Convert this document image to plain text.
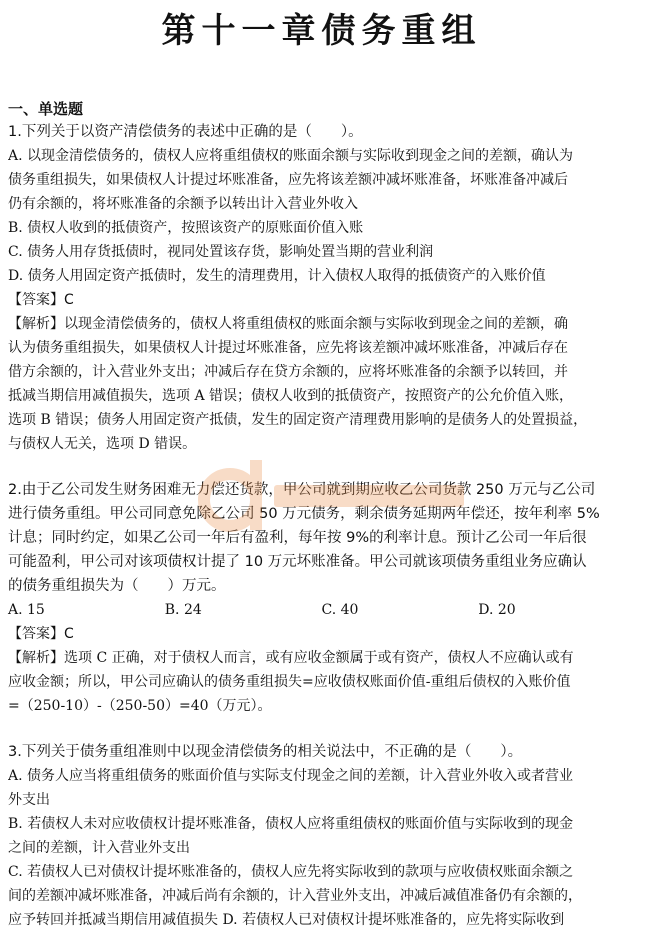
第十一章债务重组
一、单选题
1.下列关于以资产清偿债务的表述中正确的是（　　）。
A. 以现金清偿债务的，债权人应将重组债权的账面余额与实际收到现金之间的差额，确认为
债务重组损失，如果债权人计提过坏账准备，应先将该差额冲减坏账准备，坏账准备冲减后
仍有余额的，将坏账准备的余额予以转出计入营业外收入
B. 债权人收到的抵债资产，按照该资产的原账面价值入账
C. 债务人用存货抵债时，视同处置该存货，影响处置当期的营业利润
D. 债务人用固定资产抵债时，发生的清理费用，计入债权人取得的抵债资产的入账价值
【答案】C
【解析】以现金清偿债务的，债权人将重组债权的账面余额与实际收到现金之间的差额，确
认为债务重组损失，如果债权人计提过坏账准备，应先将该差额冲减坏账准备，冲减后存在
借方余额的，计入营业外支出；冲减后存在贷方余额的，应将坏账准备的余额予以转回，并
抵减当期信用减值损失，选项 A 错误；债权人收到的抵债资产，按照资产的公允价值入账，
选项 B 错误；债务人用固定资产抵债，发生的固定资产清理费用影响的是债务人的处置损益，
与债权人无关，选项 D 错误。
2.由于乙公司发生财务困难无力偿还货款，甲公司就到期应收乙公司货款 250 万元与乙公司
进行债务重组。甲公司同意免除乙公司 50 万元债务，剩余债务延期两年偿还，按年利率 5%
计息；同时约定，如果乙公司一年后有盈利，每年按 9%的利率计息。预计乙公司一年后很
可能盈利，甲公司对该项债权计提了 10 万元坏账准备。甲公司就该项债务重组业务应确认
的债务重组损失为（　　）万元。
A. 15	B. 24	C. 40	D. 20
【答案】C
【解析】选项 C 正确，对于债权人而言，或有应收金额属于或有资产，债权人不应确认或有
应收金额；所以，甲公司应确认的债务重组损失=应收债权账面价值-重组后债权的入账价值
=（250-10）-（250-50）=40（万元）。
3.下列关于债务重组准则中以现金清偿债务的相关说法中，不正确的是（　　）。
A. 债务人应当将重组债务的账面价值与实际支付现金之间的差额，计入营业外收入或者营业
外支出
B. 若债权人未对应收债权计提坏账准备，债权人应将重组债权的账面价值与实际收到的现金
之间的差额，计入营业外支出
C. 若债权人已对债权计提坏账准备的，债权人应先将实际收到的款项与应收债权账面余额之
间的差额冲减坏账准备，冲减后尚有余额的，计入营业外支出，冲减后减值准备仍有余额的，
应予转回并抵减当期信用减值损失 D. 若债权人已对债权计提坏账准备的，应先将实际收到
